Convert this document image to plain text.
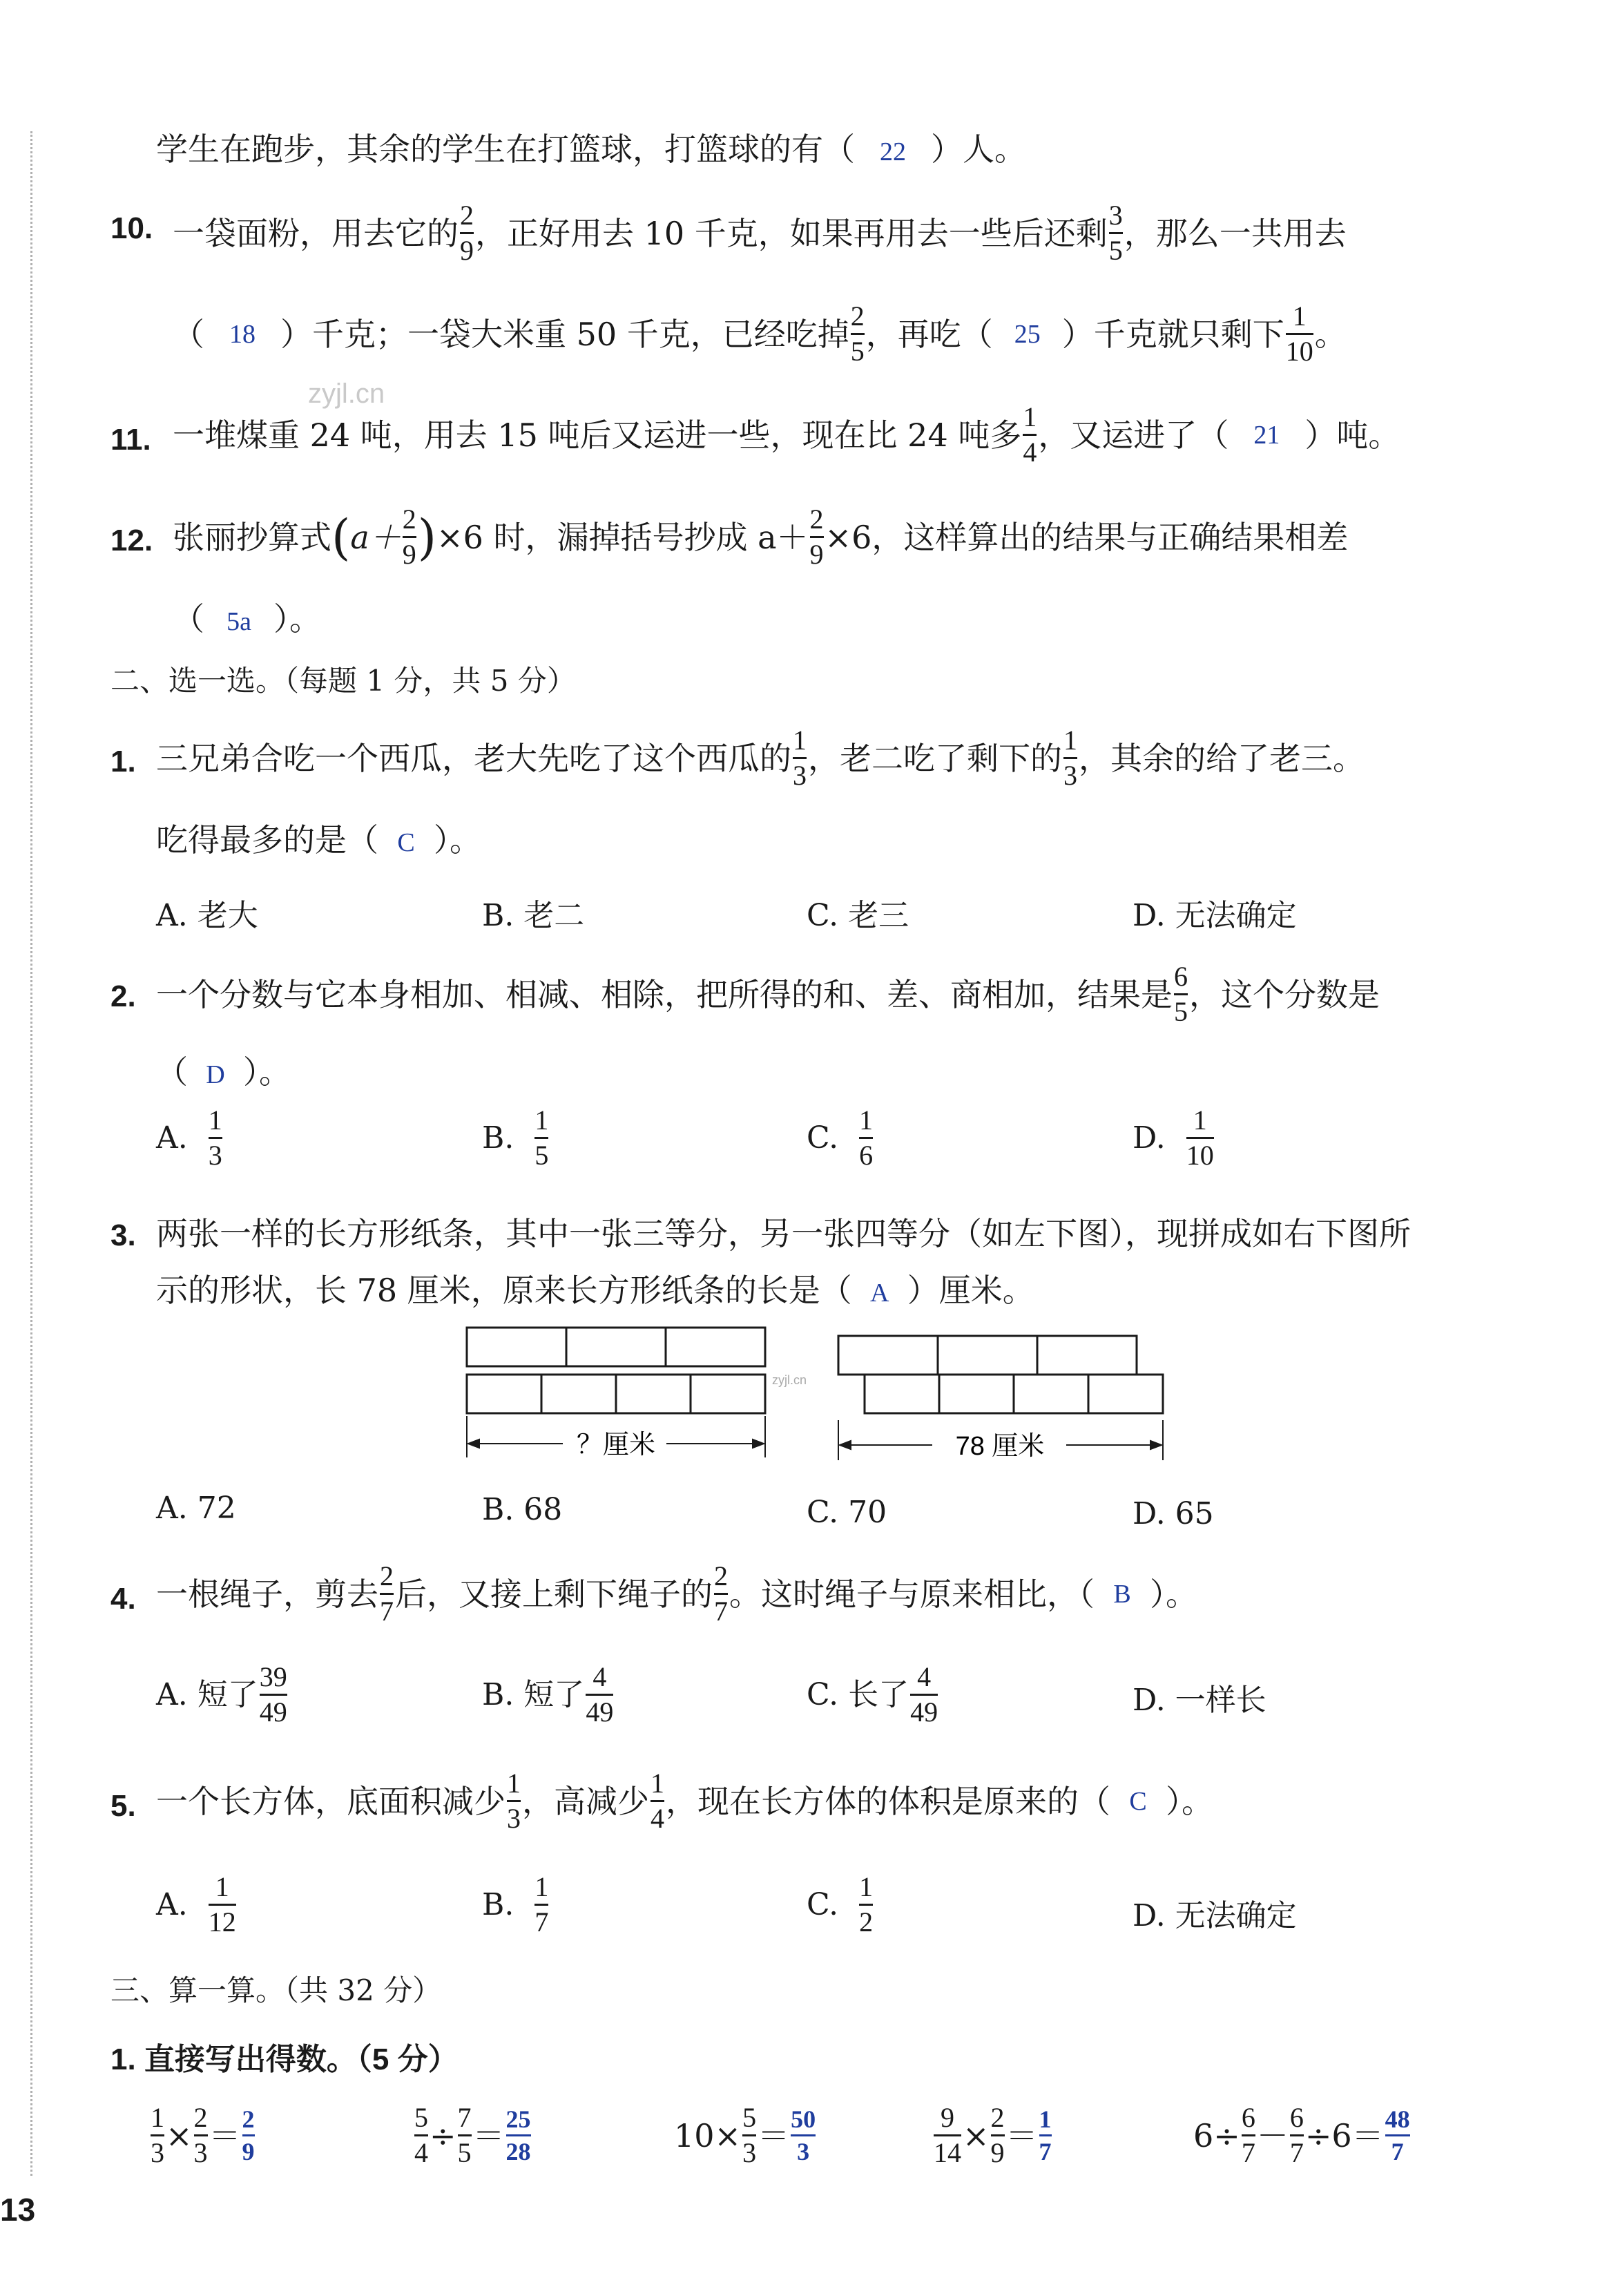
zyjl.cn
学生在跑步，其余的学生在打篮球，打篮球的有（ 22 ）人。
10. 一袋面粉，用去它的 $\frac{2}{9}$ ，正好用去 10 千克，如果再用去一些后还剩 $\frac{3}{5}$ ，那么一共用去
（ 18 ）千克；一袋大米重 50 千克，已经吃掉 $\frac{2}{5}$ ，再吃（ 25 ）千克就只剩下 $\frac{1}{10}$ 。
11. 一堆煤重 24 吨，用去 15 吨后又运进一些，现在比 24 吨多 $\frac{1}{4}$ ，又运进了（ 21 ）吨。
12. 张丽抄算式 ( $a+ \frac{2}{9}$ ) ×6 时，漏掉括号抄成 $a+ \frac{2}{9} \times 6$，这样算出的结果与正确结果相差
（ 5a ）。
二、选一选。（每题 1 分，共 5 分）
1. 三兄弟合吃一个西瓜，老大先吃了这个西瓜的 $\frac{1}{3}$ ，老二吃了剩下的 $\frac{1}{3}$ ，其余的给了老三。
吃得最多的是（ C ）。
A. 老大	B. 老二	C. 老三	D. 无法确定
2. 一个分数与它本身相加、相减、相除，把所得的和、差、商相加，结果是 $\frac{6}{5}$ ，这个分数是
（ D ）。
A.
$\frac{1}{3}$	B.
$\frac{1}{5}$	C.
$\frac{1}{6}$	D.
$\frac{1}{10}$
3. 两张一样的长方形纸条，其中一张三等分，另一张四等分（如左下图），现拼成如右下图所
示的形状，长 78 厘米，原来长方形纸条的长是（ A ）厘米。
？厘米
zyjl.cn
78 厘米
A. 72	B. 68	C. 70	D. 65
4. 一根绳子，剪去 $\frac{2}{7}$ 后，又接上剩下绳子的 $\frac{2}{7}$ 。这时绳子与原来相比，（ B ）。
A. 短了 $\frac{39}{49}$	B. 短了 $\frac{4}{49}$	C. 长了 $\frac{4}{49}$	D. 一样长
5. 一个长方体，底面积减少 $\frac{1}{3}$ ，高减少 $\frac{1}{4}$ ，现在长方体的体积是原来的（ C ）。
A.
$\frac{1}{12}$	B.
$\frac{1}{7}$	C.
$\frac{1}{2}$	D. 无法确定
三、算一算。（共 32 分）
1. 直接写出得数。（5 分）
$\frac{1}{3} \times \frac{2}{3} = \frac{2}{9}$	$\frac{5}{4} \div \frac{7}{5} = \frac{25}{28}$	$10\times \frac{5}{3} = \frac{50}{3}$	$\frac{9}{14} \times \frac{2}{9} = \frac{1}{7}$	$6\div \frac{6}{7} - \frac{6}{7} \div 6= \frac{48}{7}$
13
